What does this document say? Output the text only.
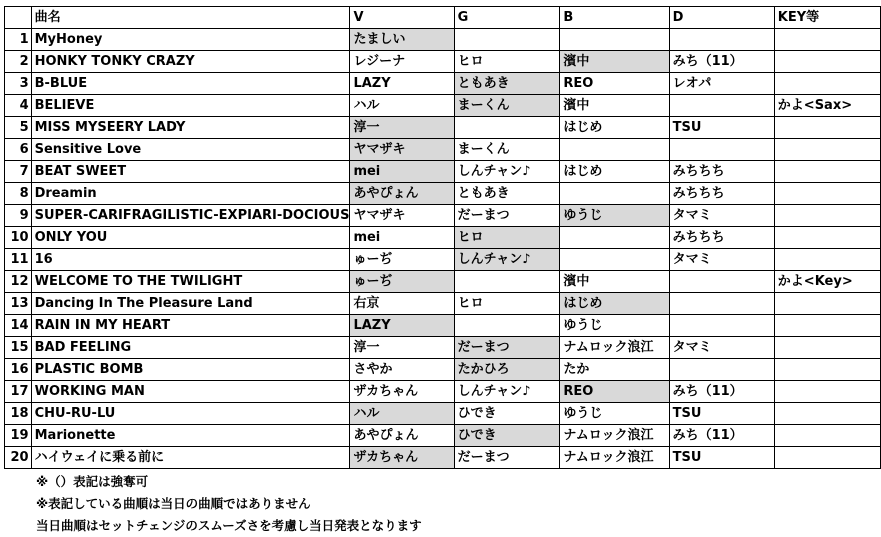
	曲名	V	G	B	D	KEY等
1	MyHoney	たましい				
2	HONKY TONKY CRAZY	レジーナ	ヒロ	濱中	みち（11）	
3	B-BLUE	LAZY	ともあき	REO	レオパ	
4	BELIEVE	ハル	まーくん	濱中		かよ<Sax>
5	MISS MYSEERY LADY	淳一		はじめ	TSU	
6	Sensitive Love	ヤマザキ	まーくん			
7	BEAT SWEET	mei	しんチャン♪	はじめ	みちちち	
8	Dreamin	あやぴょん	ともあき		みちちち	
9	SUPER-CARIFRAGILISTIC-EXPIARI-DOCIOUS	ヤマザキ	だーまつ	ゆうじ	タマミ	
10	ONLY YOU	mei	ヒロ		みちちち	
11	16	ゅーぢ	しんチャン♪		タマミ	
12	WELCOME TO THE TWILIGHT	ゅーぢ		濱中		かよ<Key>
13	Dancing In The Pleasure Land	右京	ヒロ	はじめ		
14	RAIN IN MY HEART	LAZY		ゆうじ		
15	BAD FEELING	淳一	だーまつ	ナムロック浪江	タマミ	
16	PLASTIC BOMB	さやか	たかひろ	たか		
17	WORKING MAN	ザカちゃん	しんチャン♪	REO	みち（11）	
18	CHU-RU-LU	ハル	ひでき	ゆうじ	TSU	
19	Marionette	あやぴょん	ひでき	ナムロック浪江	みち（11）	
20	ハイウェイに乗る前に	ザカちゃん	だーまつ	ナムロック浪江	TSU	
※（）表記は強奪可
※表記している曲順は当日の曲順ではありません
当日曲順はセットチェンジのスムーズさを考慮し当日発表となります
